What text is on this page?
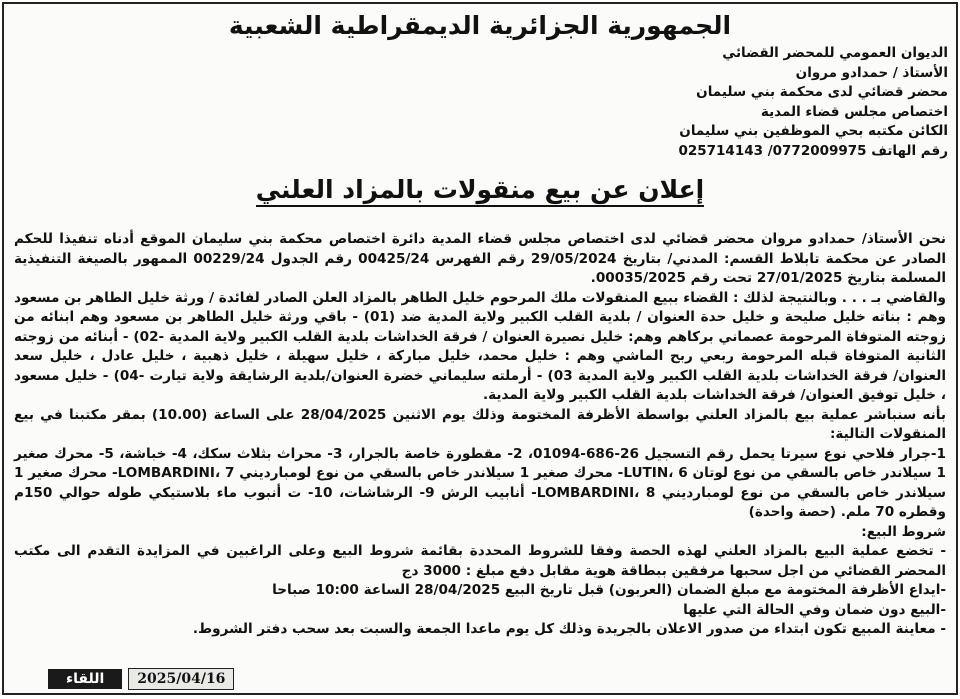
الجمهورية الجزائرية الديمقراطية الشعبية
الديوان العمومي للمحضر القضائي
الأستاذ / حمدادو مروان
محضر قضائي لدى محكمة بني سليمان
اختصاص مجلس قضاء المدية
الكائن مكتبه بحي الموظفين بني سليمان
رقم الهاتف 0772009975/ 025714143
إعلان عن بيع منقولات بالمزاد العلني

نحن الأستاذ/ حمدادو مروان محضر قضائي لدى اختصاص مجلس قضاء المدية دائرة اختصاص محكمة بني سليمان الموقع أدناه تنفيذا للحكم الصادر عن محكمة تابلاط القسم: المدني/ بتاريخ 29/05/2024 رقم الفهرس 00425/24 رقم الجدول 00229/24 الممهور بالصيغة التنفيذية المسلمة بتاريخ 27/01/2025 تحت رقم 00035/2025.

والقاضي بـ . . . وبالنتيجة لذلك : القضاء ببيع المنقولات ملك المرحوم خليل الطاهر بالمزاد العلن الصادر لفائدة / ورثة خليل الطاهر بن مسعود وهم : بناته خليل صليحة و خليل حدة العنوان / بلدية القلب الكبير ولاية المدية ضد (01) - باقي ورثة خليل الطاهر بن مسعود وهم ابنائه من زوجته المتوفاة المرحومة عصماني بركاهم وهم: خليل نصيرة العنوان / فرقة الخداشات بلدية القلب الكبير ولاية المدية -02) - أبنائه من زوجته الثانية المتوفاة قبله المرحومة ربعي ربح الماشي وهم : خليل محمد، خليل مباركة ، خليل سهيلة ، خليل ذهبية ، خليل عادل ، خليل سعد العنوان/ فرقة الخداشات بلدية القلب الكبير ولاية المدية 03) - أرملته سليماني خضرة العنوان/بلدية الرشايقة ولاية تيارت -04) - خليل مسعود ، خليل توفيق العنوان/ فرقة الخداشات بلدية القلب الكبير ولاية المدية.

بأنه سنباشر عملية بيع بالمزاد العلني بواسطة الأظرفة المختومة وذلك يوم الاثنين 28/04/2025 على الساعة (10.00) بمقر مكتبنا في بيع المنقولات التالية:

1-جرار فلاحي نوع سيرتا يحمل رقم التسجيل 26-686-01094، 2- مقطورة خاصة بالجرار، 3- محراث بثلاث سكك، 4- خباشة، 5- محرك صغير 1 سيلاندر خاص بالسقي من نوع لوتان LUTIN، 6- محرك صغير 1 سيلاندر خاص بالسقي من نوع لومبارديني LOMBARDINI، 7- محرك صغير 1 سيلاندر خاص بالسقي من نوع لومبارديني LOMBARDINI، 8- أنابيب الرش 9- الرشاشات، 10- ت أنبوب ماء بلاستيكي طوله حوالي 150م وقطره 70 ملم. (حصة واحدة)

شروط البيع:

- تخضع عملية البيع بالمزاد العلني لهذه الحصة وفقا للشروط المحددة بقائمة شروط البيع وعلى الراغبين في المزايدة التقدم الى مكتب المحضر القضائي من اجل سحبها مرفقين ببطاقة هوية مقابل دفع مبلغ : 3000 دج

-ايداع الأظرفة المختومة مع مبلغ الضمان (العربون) قبل تاريخ البيع 28/04/2025 الساعة 10:00 صباحا

-البيع دون ضمان وفي الحالة التي عليها

- معاينة المبيع تكون ابتداء من صدور الاعلان بالجريدة وذلك كل يوم ماعدا الجمعة والسبت بعد سحب دفتر الشروط.

اللقاء	2025/04/16
